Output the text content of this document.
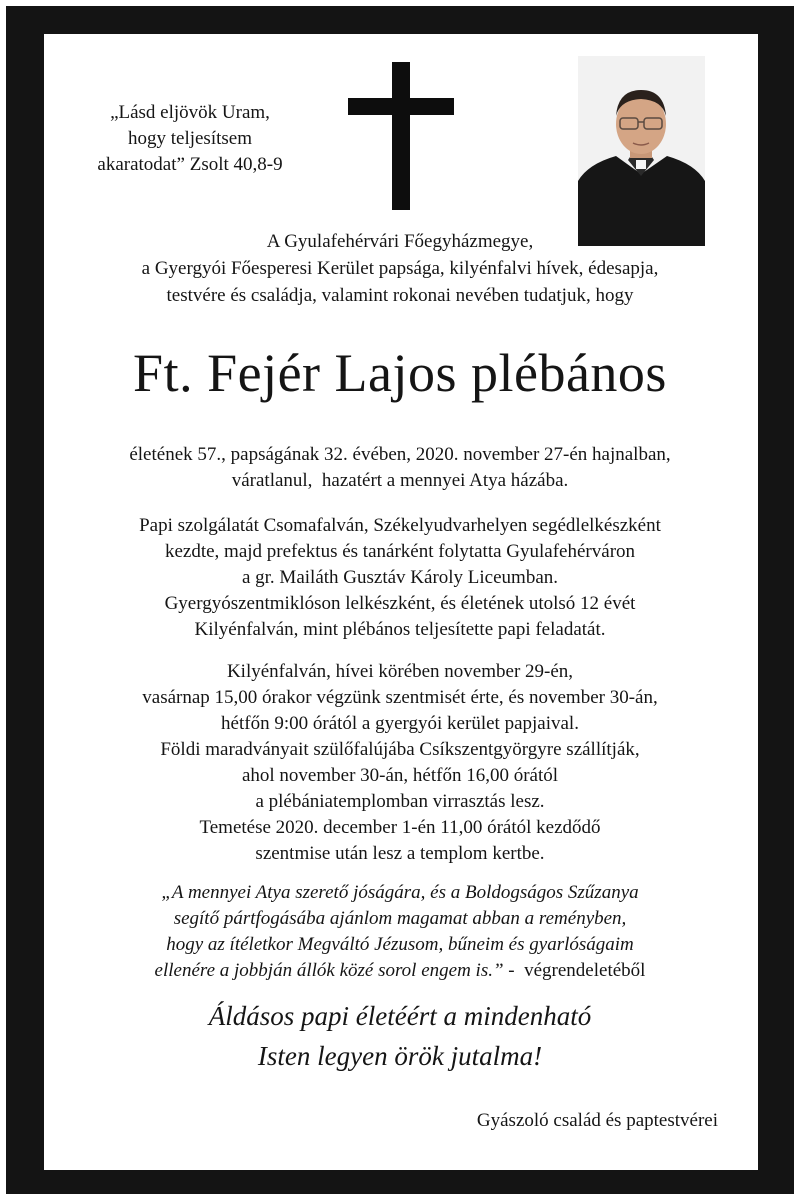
„Lásd eljövök Uram,
hogy teljesítsem
akaratodat” Zsolt 40,8-9
A Gyulafehérvári Főegyházmegye,
a Gyergyói Főesperesi Kerület papsága, kilyénfalvi hívek, édesapja,
testvére és családja, valamint rokonai nevében tudatjuk, hogy
Ft. Fejér Lajos plébános
életének 57., papságának 32. évében, 2020. november 27-én hajnalban,
váratlanul,  hazatért a mennyei Atya házába.
Papi szolgálatát Csomafalván, Székelyudvarhelyen segédlelkészként
kezdte, majd prefektus és tanárként folytatta Gyulafehérváron
a gr. Mailáth Gusztáv Károly Liceumban.
Gyergyószentmiklóson lelkészként, és életének utolsó 12 évét
Kilyénfalván, mint plébános teljesítette papi feladatát.
Kilyénfalván, hívei körében november 29-én,
vasárnap 15,00 órakor végzünk szentmisét érte, és november 30-án,
hétfőn 9:00 órától a gyergyói kerület papjaival.
Földi maradványait szülőfalújába Csíkszentgyörgyre szállítják,
ahol november 30-án, hétfőn 16,00 órától
a plébániatemplomban virrasztás lesz.
Temetése 2020. december 1-én 11,00 órától kezdődő
szentmise után lesz a templom kertbe.
„A mennyei Atya szerető jóságára, és a Boldogságos Szűzanya
segítő pártfogásába ajánlom magamat abban a reményben,
hogy az ítéletkor Megváltó Jézusom, bűneim és gyarlóságaim
ellenére a jobbján állók közé sorol engem is.” - végrendeletéből
Áldásos papi életéért a mindenható
Isten legyen örök jutalma!
Gyászoló család és paptestvérei
